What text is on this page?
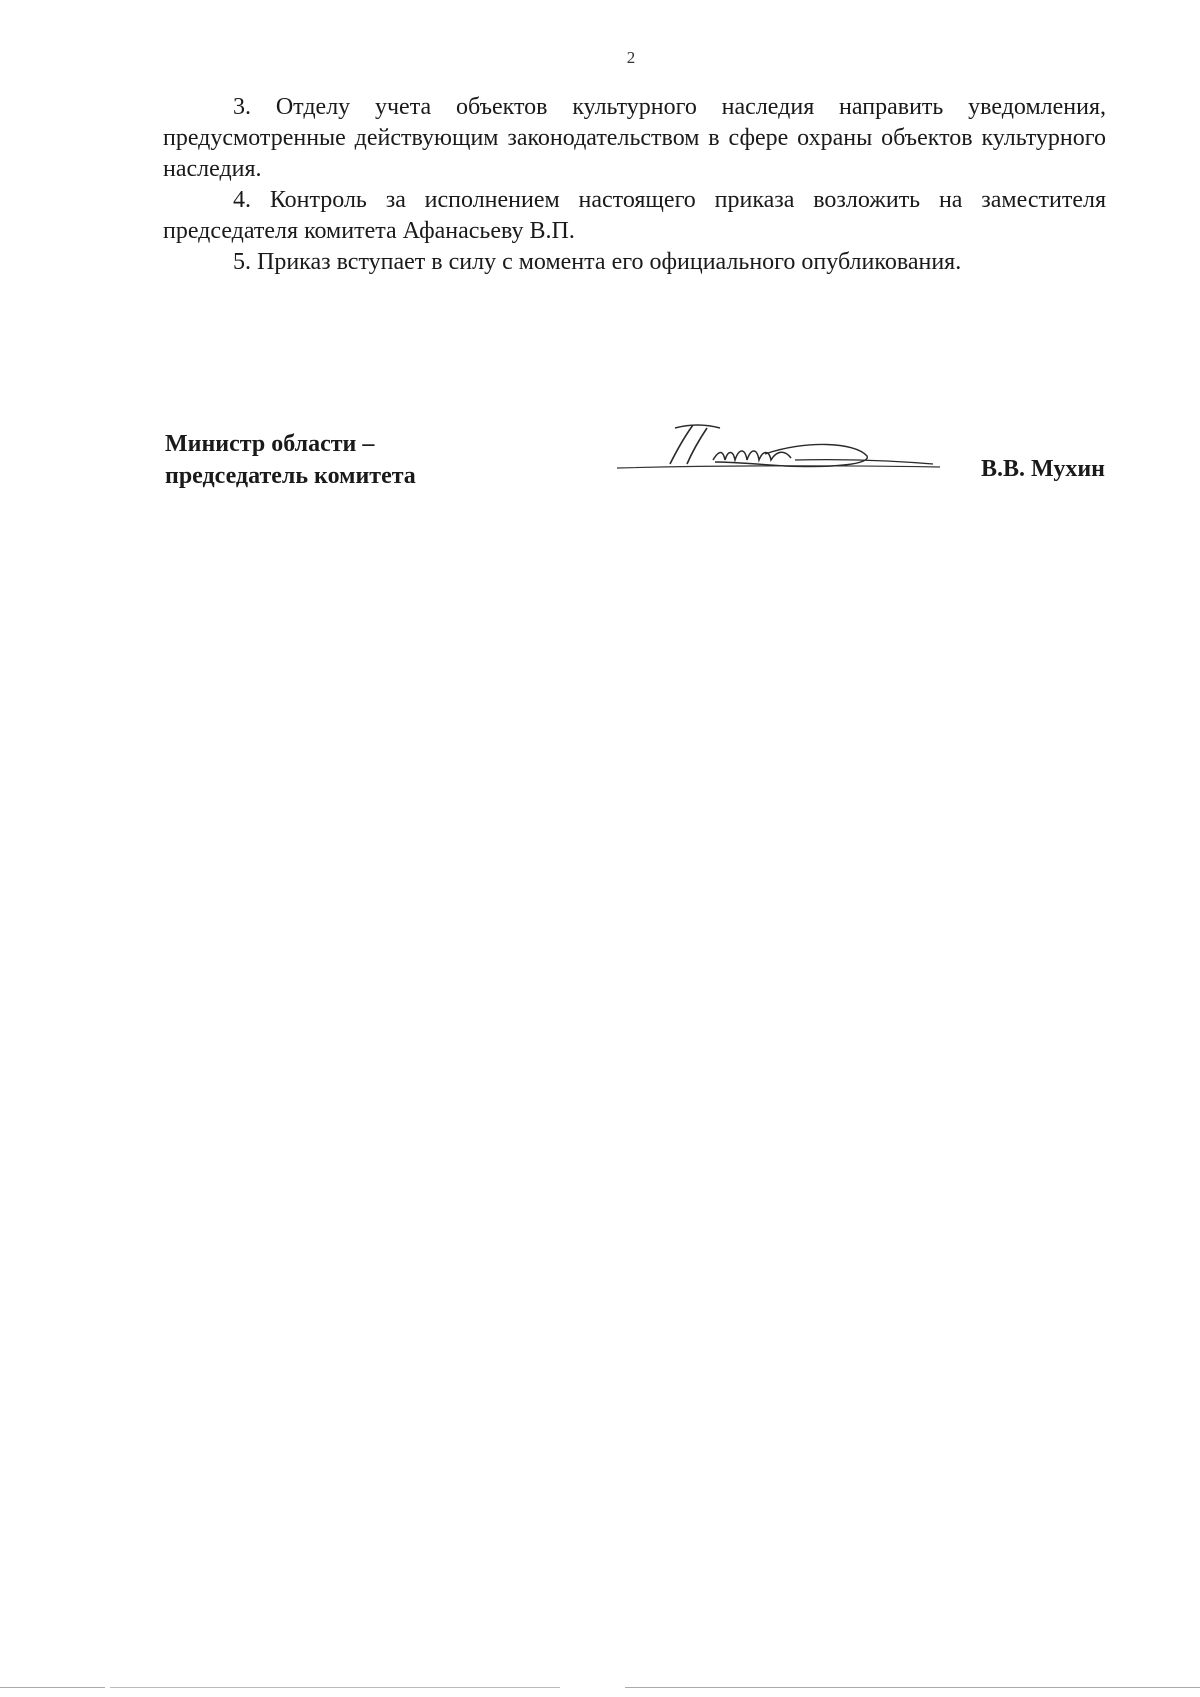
2

3. Отделу учета объектов культурного наследия направить уведомления, предусмотренные действующим законодательством в сфере охраны объектов культурного наследия.

4. Контроль за исполнением настоящего приказа возложить на заместителя председателя комитета Афанасьеву В.П.

5. Приказ вступает в силу с момента его официального опубликования.

Министр области –
председатель комитета	В.В. Мухин
